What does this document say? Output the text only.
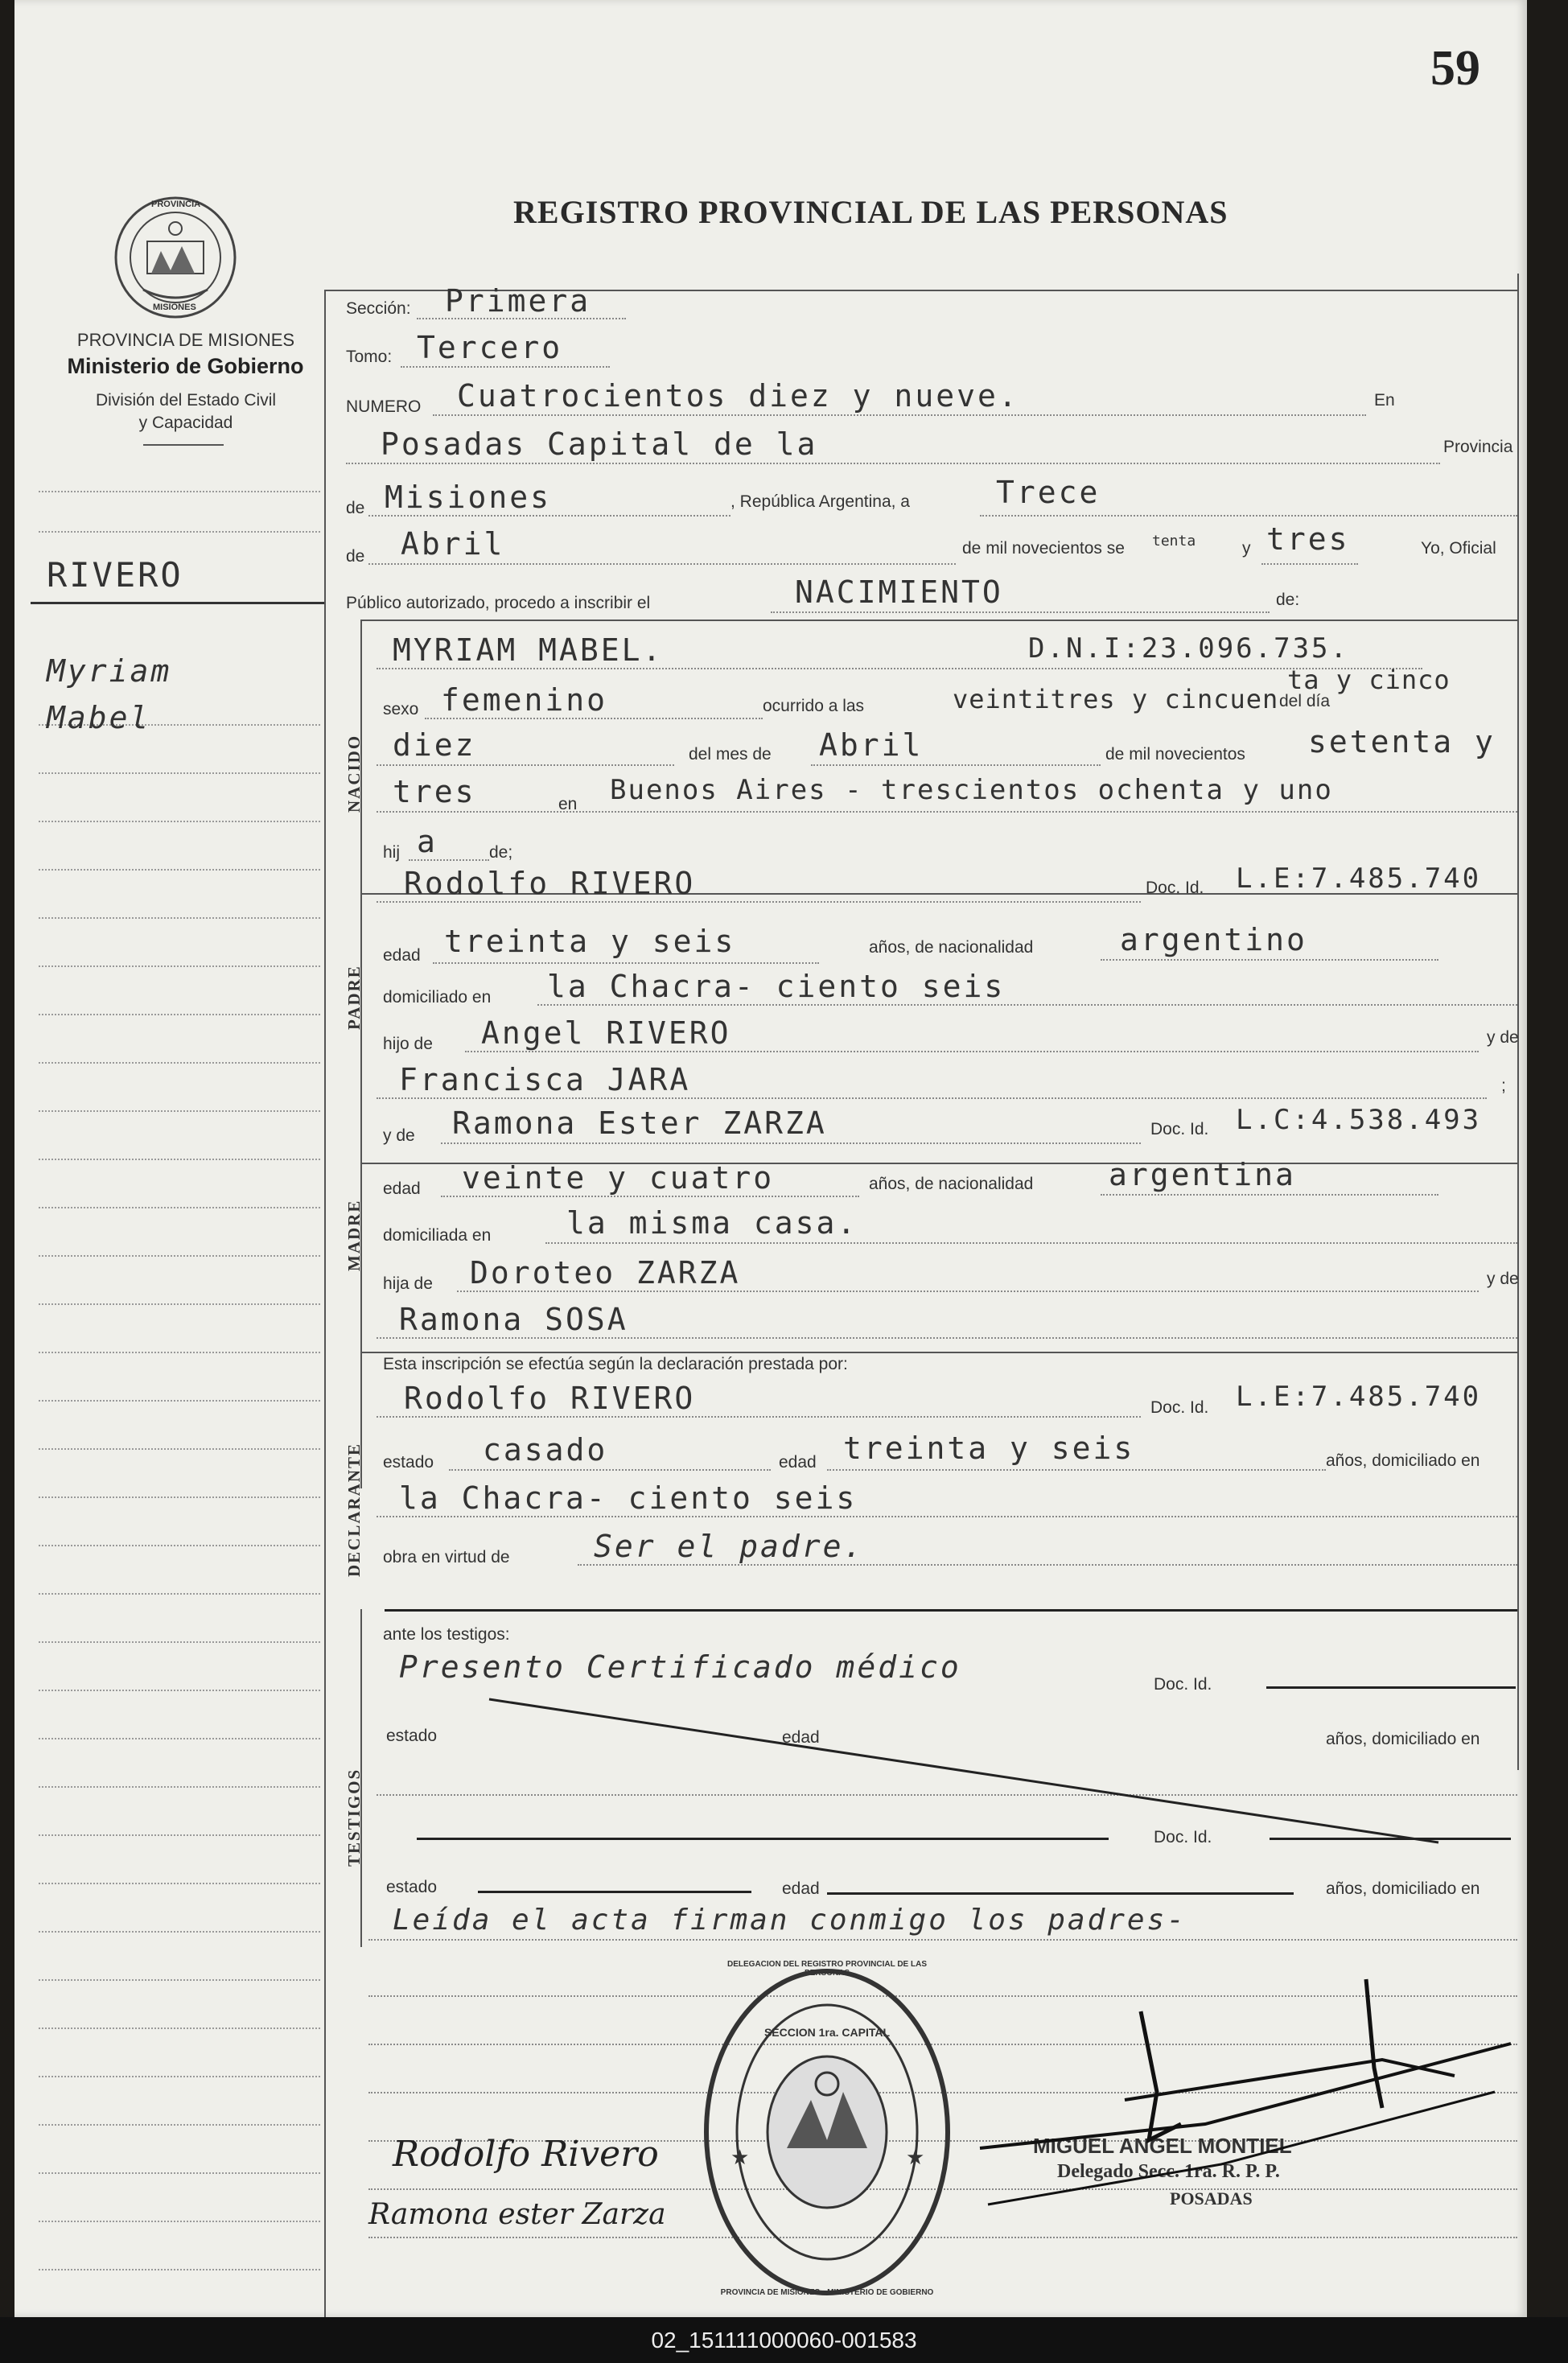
59
REGISTRO PROVINCIAL DE LAS PERSONAS
PROVINCIA
MISIONES
PROVINCIA DE MISIONES
Ministerio de Gobierno
División del Estado Civil
y Capacidad
RIVERO
Myriam
Mabel
NACIDO
PADRE
MADRE
DECLARANTE
TESTIGOS
Sección: Primera
Tomo: Tercero
NUMERO Cuatrocientos diez y nueve.	En
Posadas Capital de la	Provincia
de Misiones	, República Argentina, a	Trece
de Abril	de mil novecientos se tenta	y tres	Yo, Oficial
Público autorizado, procedo a inscribir el	NACIMIENTO	de:
MYRIAM MABEL.	D.N.I:23.096.735.
sexo femenino	ocurrido a las	veintitres y cincuen
ta y cinco
del día
diez	del mes de Abril	de mil novecientos setenta y
tres	en Buenos Aires - trescientos ochenta y uno
hij a	de;
Rodolfo RIVERO	Doc. Id. L.E:7.485.740
edad treinta y seis	años, de nacionalidad	argentino
domiciliado en la Chacra- ciento seis
hijo de Angel RIVERO	y de
Francisca JARA	;
y de Ramona Ester ZARZA	Doc. Id. L.C:4.538.493
edad veinte y cuatro	años, de nacionalidad argentina
domiciliada en la misma casa.
hija de Doroteo ZARZA	y de
Ramona SOSA
Esta inscripción se efectúa según la declaración prestada por:
Rodolfo RIVERO	Doc. Id. L.E:7.485.740
estado casado	edad treinta y seis	años, domiciliado en
la Chacra- ciento seis
obra en virtud de	Ser el padre.
ante los testigos:
Presento Certificado médico	Doc. Id.
estado	edad	años, domiciliado en
Doc. Id.
estado	edad	años, domiciliado en
Leída el acta firman conmigo los padres-
★	★
DELEGACION DEL REGISTRO PROVINCIAL DE LAS PERSONAS
SECCION 1ra. CAPITAL
PROVINCIA DE MISIONES · MINISTERIO DE GOBIERNO
MIGUEL ANGEL MONTIEL
Delegado Secc. 1ra. R. P. P.
POSADAS
Rodolfo Rivero
Ramona ester Zarza
02_151111000060-001583
